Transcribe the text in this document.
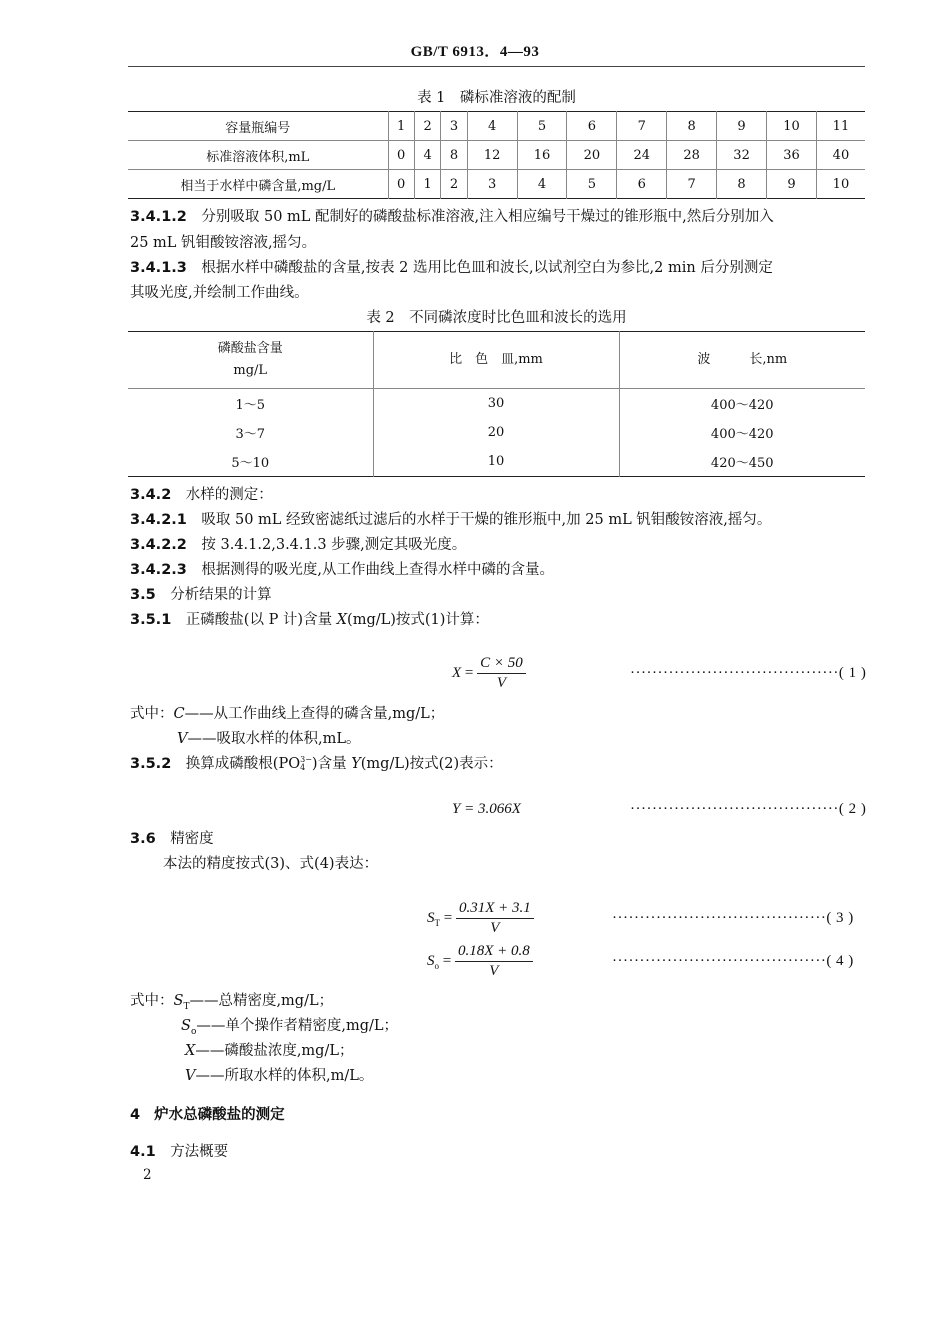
GB/T 6913．4—93
表 1　磷标准溶液的配制
容量瓶编号	1	2	3	4	5	6	7	8	9	10	11
标准溶液体积,mL	0	4	8	12	16	20	24	28	32	36	40
相当于水样中磷含量,mg/L	0	1	2	3	4	5	6	7	8	9	10
3.4.1.2　 分别吸取 50 mL 配制好的磷酸盐标准溶液,注入相应编号干燥过的锥形瓶中,然后分别加入
25 mL 钒钼酸铵溶液,摇匀。
3.4.1.3　 根据水样中磷酸盐的含量,按表 2 选用比色皿和波长,以试剂空白为参比,2 min 后分别测定
其吸光度,并绘制工作曲线。
表 2　不同磷浓度时比色皿和波长的选用
磷酸盐含量
mg/L	比　色　皿,mm	波　　　长,nm
1～5	30	400～420
3～7	20	400～420
5～10	10	420～450
3.4.2　 水样的测定：
3.4.2.1　 吸取 50 mL 经致密滤纸过滤后的水样于干燥的锥形瓶中,加 25 mL 钒钼酸铵溶液,摇匀。
3.4.2.2　 按 3.4.1.2,3.4.1.3 步骤,测定其吸光度。
3.4.2.3　 根据测得的吸光度,从工作曲线上查得水样中磷的含量。
3.5　 分析结果的计算
3.5.1　 正磷酸盐(以 P 计)含量 X(mg/L)按式(1)计算：
$X = \frac{C \times 50}{V}$	······································( 1 )
式中：C——从工作曲线上查得的磷含量,mg/L；
V——吸取水样的体积,mL。
3.5.2　 换算成磷酸根(PO3−
4 )含量 Y(mg/L)按式(2)表示：
Y = 3.066X	······································( 2 )
3.6　 精密度
本法的精度按式(3)、式(4)表达：
$S_T = \frac{0.31X + 3.1}{V}$	·······································( 3 )
$S_o = \frac{0.18X + 0.8}{V}$	·······································( 4 )
式中：$S_T——$总精密度,mg/L；
$S_o——$单个操作者精密度,mg/L；
X——磷酸盐浓度,mg/L；
V——所取水样的体积,m/L。
4　 炉水总磷酸盐的测定
4.1　 方法概要
2
